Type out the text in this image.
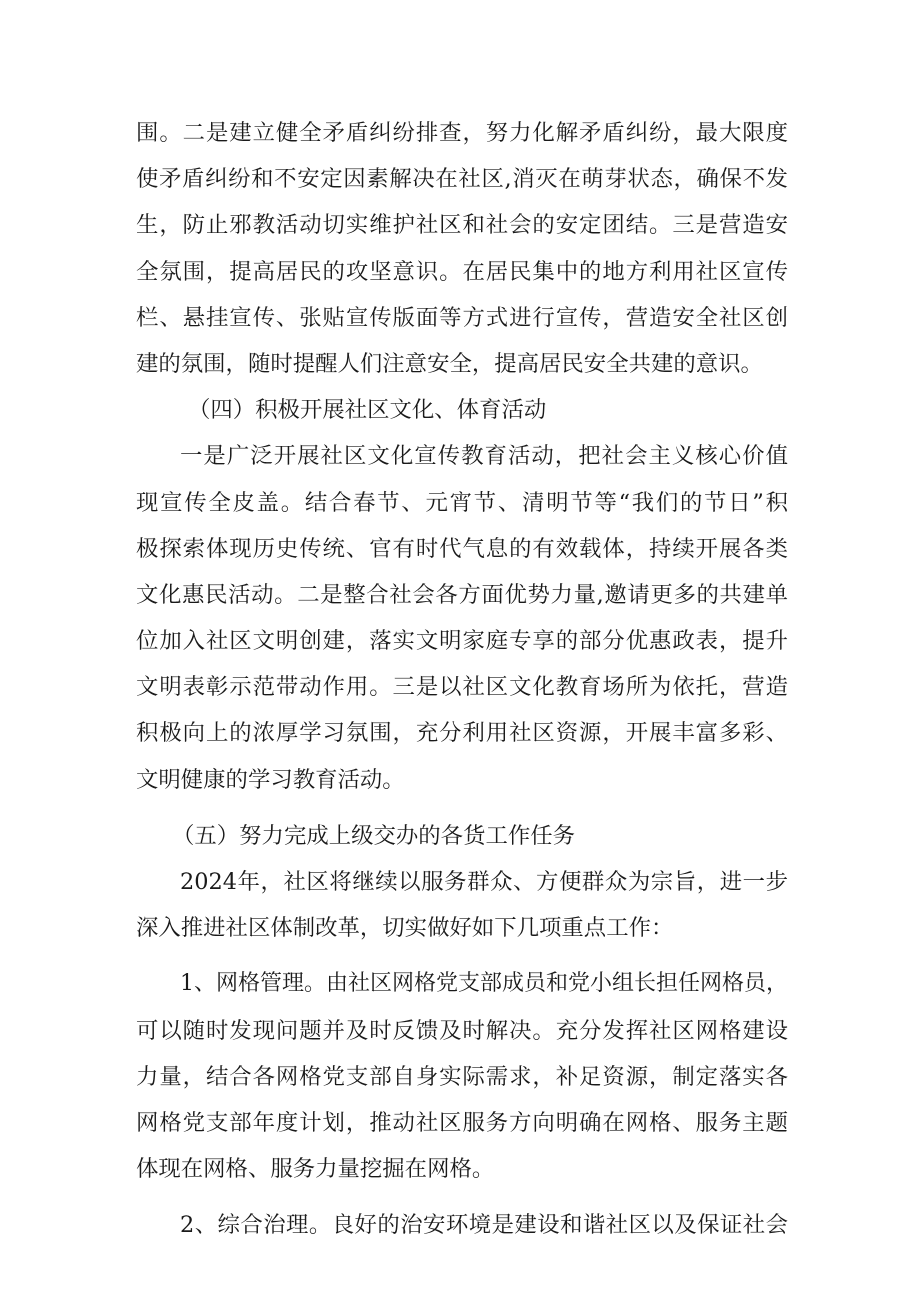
围。二是建立健全矛盾纠纷排查，努力化解矛盾纠纷，最大限度
使矛盾纠纷和不安定因素解决在社区,消灭在萌芽状态，确保不发
生，防止邪教活动切实维护社区和社会的安定团结。三是营造安
全氛围，提高居民的攻坚意识。在居民集中的地方利用社区宣传
栏、悬挂宣传、张贴宣传版面等方式进行宣传，营造安全社区创
建的氛围，随时提醒人们注意安全，提高居民安全共建的意识。
（四）积极开展社区文化、体育活动
一是广泛开展社区文化宣传教育活动，把社会主义核心价值
现宣传全皮盖。结合春节、元宵节、清明节等“我们的节日”积
极探索体现历史传统、官有时代气息的有效载体，持续开展各类
文化惠民活动。二是整合社会各方面优势力量,邀请更多的共建单
位加入社区文明创建，落实文明家庭专享的部分优惠政表，提升
文明表彰示范带动作用。三是以社区文化教育场所为依托，营造
积极向上的浓厚学习氛围，充分利用社区资源，开展丰富多彩、
文明健康的学习教育活动。
（五）努力完成上级交办的各货工作任务
2024年，社区将继续以服务群众、方便群众为宗旨，进一步
深入推进社区体制改革，切实做好如下几项重点工作：
1、网格管理。由社区网格党支部成员和党小组长担任网格员，
可以随时发现问题并及时反馈及时解决。充分发挥社区网格建设
力量，结合各网格党支部自身实际需求，补足资源，制定落实各
网格党支部年度计划，推动社区服务方向明确在网格、服务主题
体现在网格、服务力量挖掘在网格。
2、综合治理。良好的治安环境是建设和谐社区以及保证社会
